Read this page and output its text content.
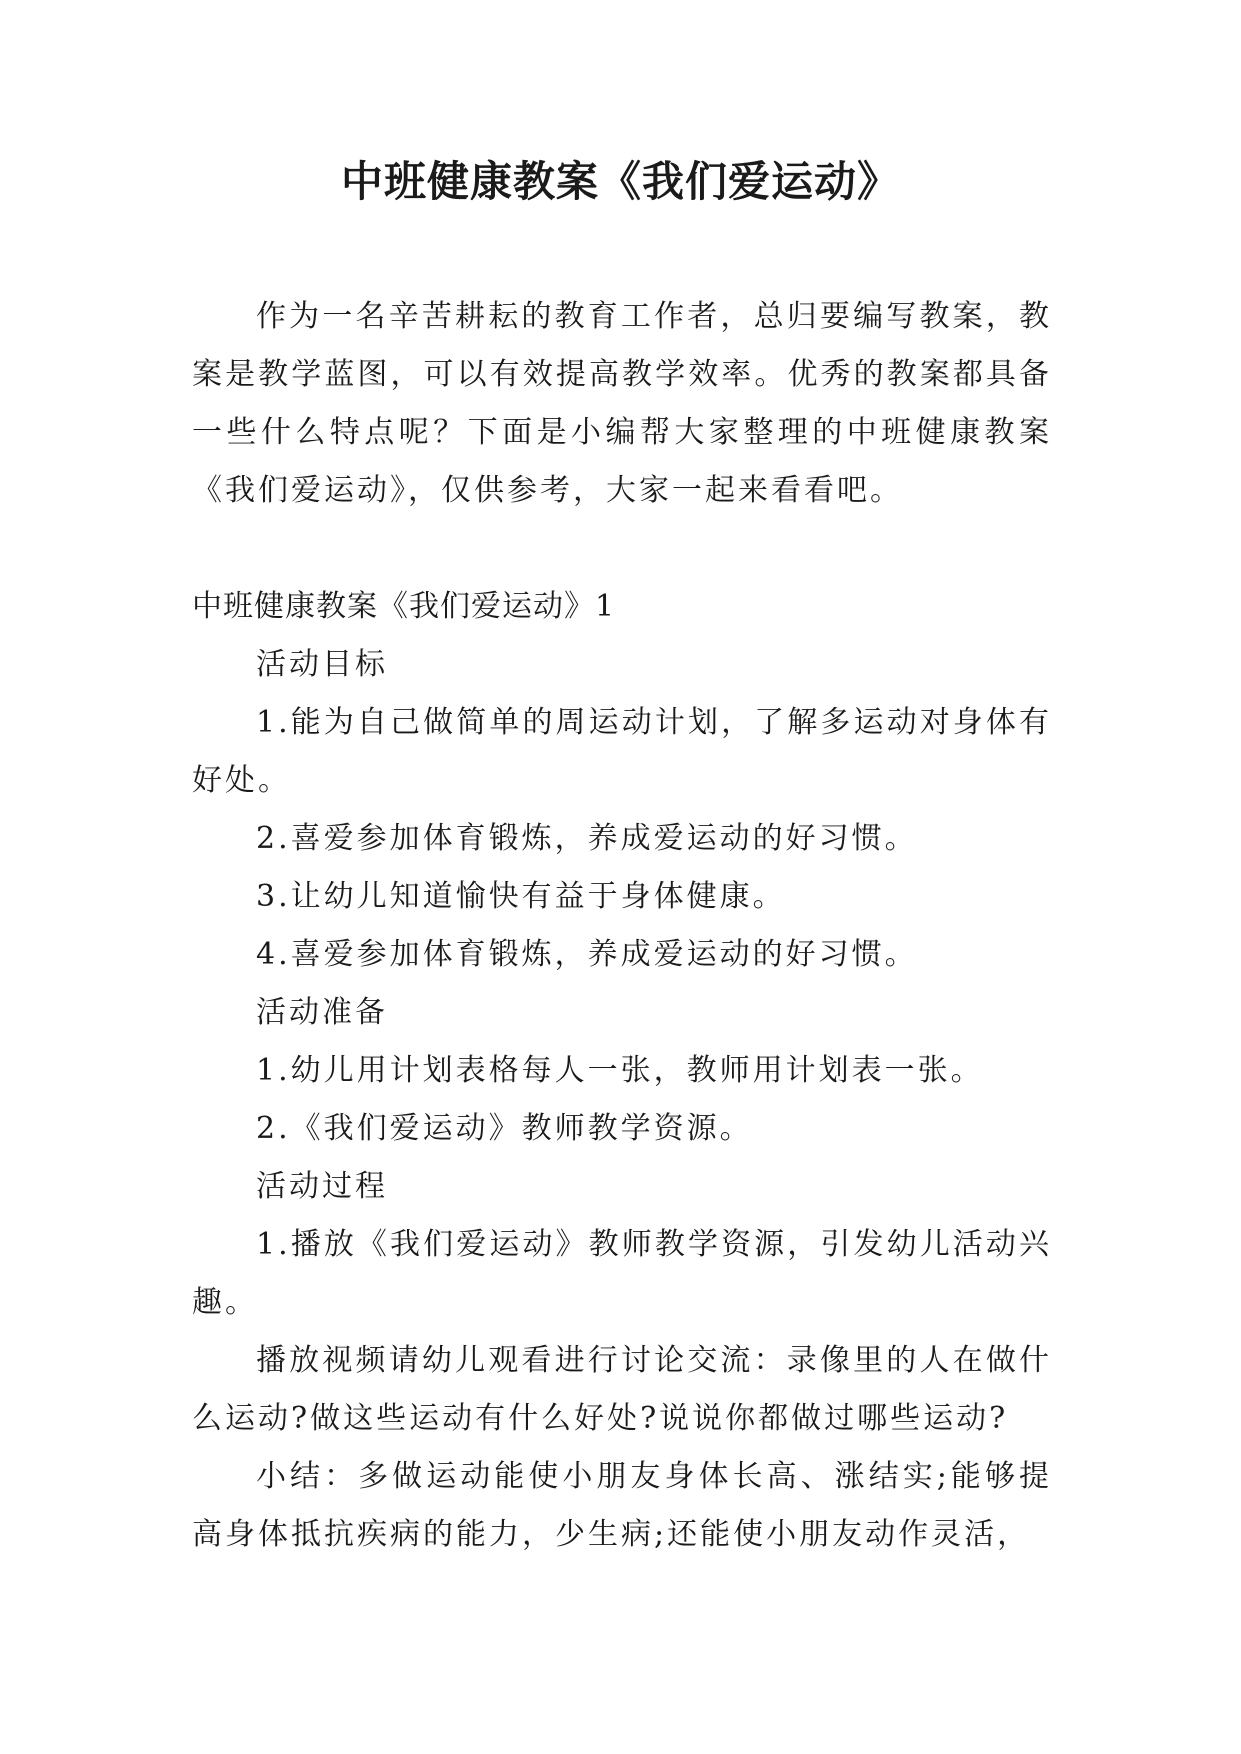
中班健康教案《我们爱运动》

作为一名辛苦耕耘的教育工作者，总归要编写教案，教案是教学蓝图，可以有效提高教学效率。优秀的教案都具备一些什么特点呢？下面是小编帮大家整理的中班健康教案《我们爱运动》，仅供参考，大家一起来看看吧。

中班健康教案《我们爱运动》1

活动目标

1.能为自己做简单的周运动计划，了解多运动对身体有好处。

2.喜爱参加体育锻炼，养成爱运动的好习惯。

3.让幼儿知道愉快有益于身体健康。

4.喜爱参加体育锻炼，养成爱运动的好习惯。

活动准备

1.幼儿用计划表格每人一张，教师用计划表一张。

2.《我们爱运动》教师教学资源。

活动过程

1.播放《我们爱运动》教师教学资源，引发幼儿活动兴趣。

播放视频请幼儿观看进行讨论交流：录像里的人在做什么运动?做这些运动有什么好处?说说你都做过哪些运动?

小结：多做运动能使小朋友身体长高、涨结实;能够提高身体抵抗疾病的能力，少生病;还能使小朋友动作灵活，
